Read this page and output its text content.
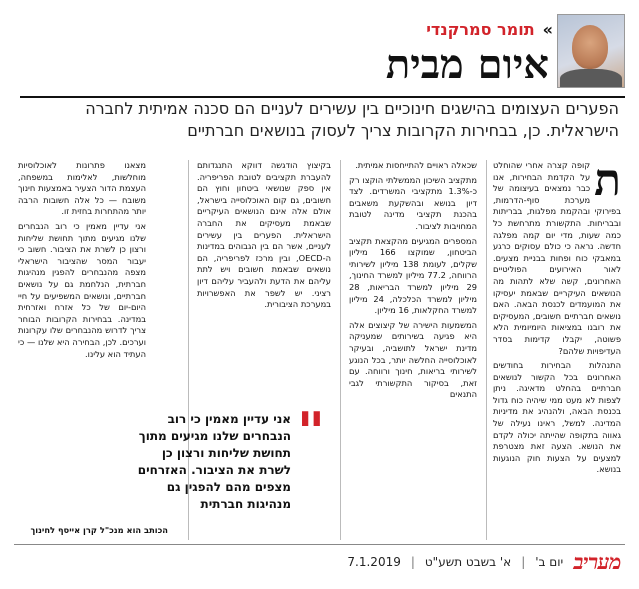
»
תומר סמרקנדי
איום מבית
הפערים העצומים בהישגים חינוכיים בין עשירים לעניים הם סכנה אמיתית לחברה הישראלית. כן, בבחירות הקרובות צריך לעסוק בנושאים חברתיים
ת

קופה קצרה אחרי שהוחלט על הקדמת הבחירות, אנו כבר נמצאים בעיצומה של מערכת סוף-הדרמות, בפירוקי ובהקמת מפלגות, בבריתות ובבריחות. התקשורת מתרחשת כל כמה שעות, מדי יום קמה מפלגה חדשה. נראה כי כולם עסוקים כרגע במאבקי כוח ופחות בבניית מצעים. לאור האירועים הפוליטיים האחרונים, קשה שלא לתהות מה הנושאים העיקריים שבאמת יעסיקו את המועמדים לכנסת הבאה. האם נושאים חברתיים חשובים, המעסיקים את רובנו במציאות היומיומית הלא פשוטה, יקבלו קדימות בסדר העדיפויות שלהם?

התנהלות הבחירות בחודשים האחרונים בכל הקשור לנושאים חברתיים בהחלט מדאיגה. ניתן לצפות לא מעט ממי שיהיה כוח גדול בכנסת הבאה, ולהנהיג את מדיניות המדינה. למשל, ראינו נעילה של גאווה בתקופה שהייתה יכולה לקדם את הנושא. הצעה זאת מצטרפת למצעים על הצעות חוק הנוגעות בנושא.

שכאלה ראויים להתייחסות אמיתית.

מתקציב השיכון הממשלתי הוקצו רק כ-1.3% מתקציבי המשרדים. לצד דיון בנושא ובהשקעת משאבים בהכנת תקציבי מדינה לטובת המחויבות לציבור.

המספרים המגיעים מהקצאת תקציב הביטחון, שמוקצו 166 מיליון שקלים, לעומת 138 מיליון לשירותי הרווחה, 77.2 מיליון למשרד החינוך, 29 מיליון למשרד הבריאות, 28 מיליון למשרד הכלכלה, 24 מיליון למשרד החקלאות, 16 מיליון.

המשמעות הישירה של קיצוצים אלה היא פגיעה בשירותים שמעניקה מדינת ישראל לתושביה, ובעיקר לאוכלוסייה החלשה יותר, בכל הנוגע לשירותי בריאות, חינוך ורווחה. עם זאת, בסיקור התקשורתי לגבי התנאים

בקיצוץ הודגשה דווקא התנגדותם להעברת תקציבים לטובת הפריפריה. אין ספק שנושאי ביטחון וחוץ הם חשובים, גם קום האוכלוסייה בישראל, אולם אלה אינם הנושאים העיקריים שבאמת מעסיקים את החברה הישראלית. הפערים בין עשירים לעניים, אשר הם בין הגבוהים במדינות ה-OECD, ובין מרכז לפריפריה, הם נושאים שבאמת חשובים ויש לתת עליהם את הדעת ולהעביר עליהם דיון רציני. יש לשפר את האפשרויות במערכת הציבורית.

מצאנו פתרונות לאוכלוסיות מוחלשות, לאלימות במשפחה, העצמת הדור הצעיר באמצעות חינוך משובח — כל אלה חשובות הרבה יותר מהתחרות בחזית זו.

אני עדיין מאמין כי רוב הנבחרים שלנו מגיעים מתוך תחושת שליחות ורצון כן לשרת את הציבור. חשוב כי יעבור המסר שהציבור הישראלי מצפה מהנבחרים להפגין מנהיגות חברתית, הנלחמת גם על נושאים חברתיים, ונושאים המשפיעים על חיי היום-יום של כל אזרח ואזרחית במדינה. בבחירות הקרובות הבוחר צריך לדרוש מהנבחרים שלו עקרונות וערכים. לכן, הבחירה היא שלנו — כי העתיד הוא עלינו.

"
אני עדיין מאמין כי רוב הנבחרים שלנו מגיעים מתוך תחושת שליחות ורצון כן לשרת את הציבור. האזרחים מצפים מהם להפגין גם מנהיגות חברתית
הכותב הוא מנכ"ל קרן אייסף לחינוך
מעריב
יום ב'
|
א' בשבט תשע"ט
|
7.1.2019
